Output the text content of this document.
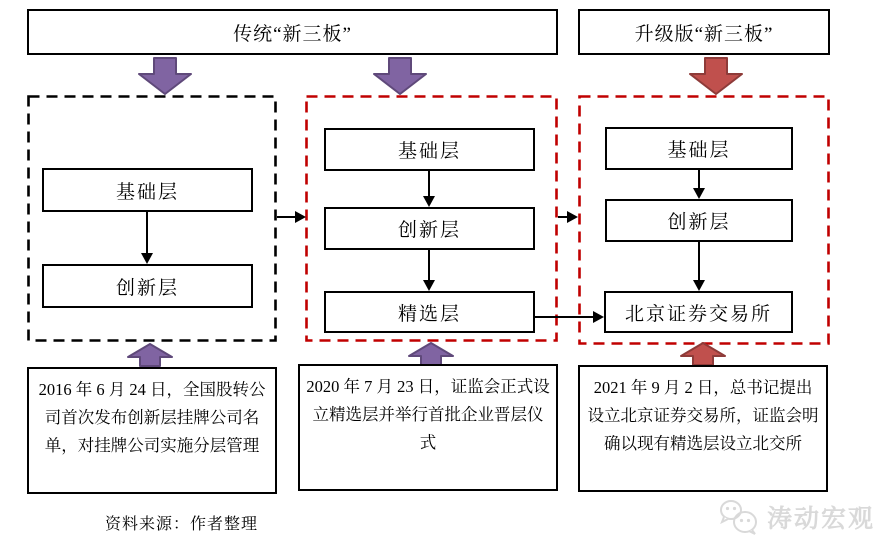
传统“新三板”	升级版“新三板”
基础层
创新层
基础层
创新层
精选层
基础层
创新层
北京证券交易所
2016 年 6 月 24 日，全国股转公司首次发布创新层挂牌公司名单，对挂牌公司实施分层管理
2020 年 7 月 23 日，证监会正式设立精选层并举行首批企业晋层仪式
2021 年 9 月 2 日，总书记提出设立北京证券交易所，证监会明确以现有精选层设立北交所
资料来源：作者整理	涛动宏观
